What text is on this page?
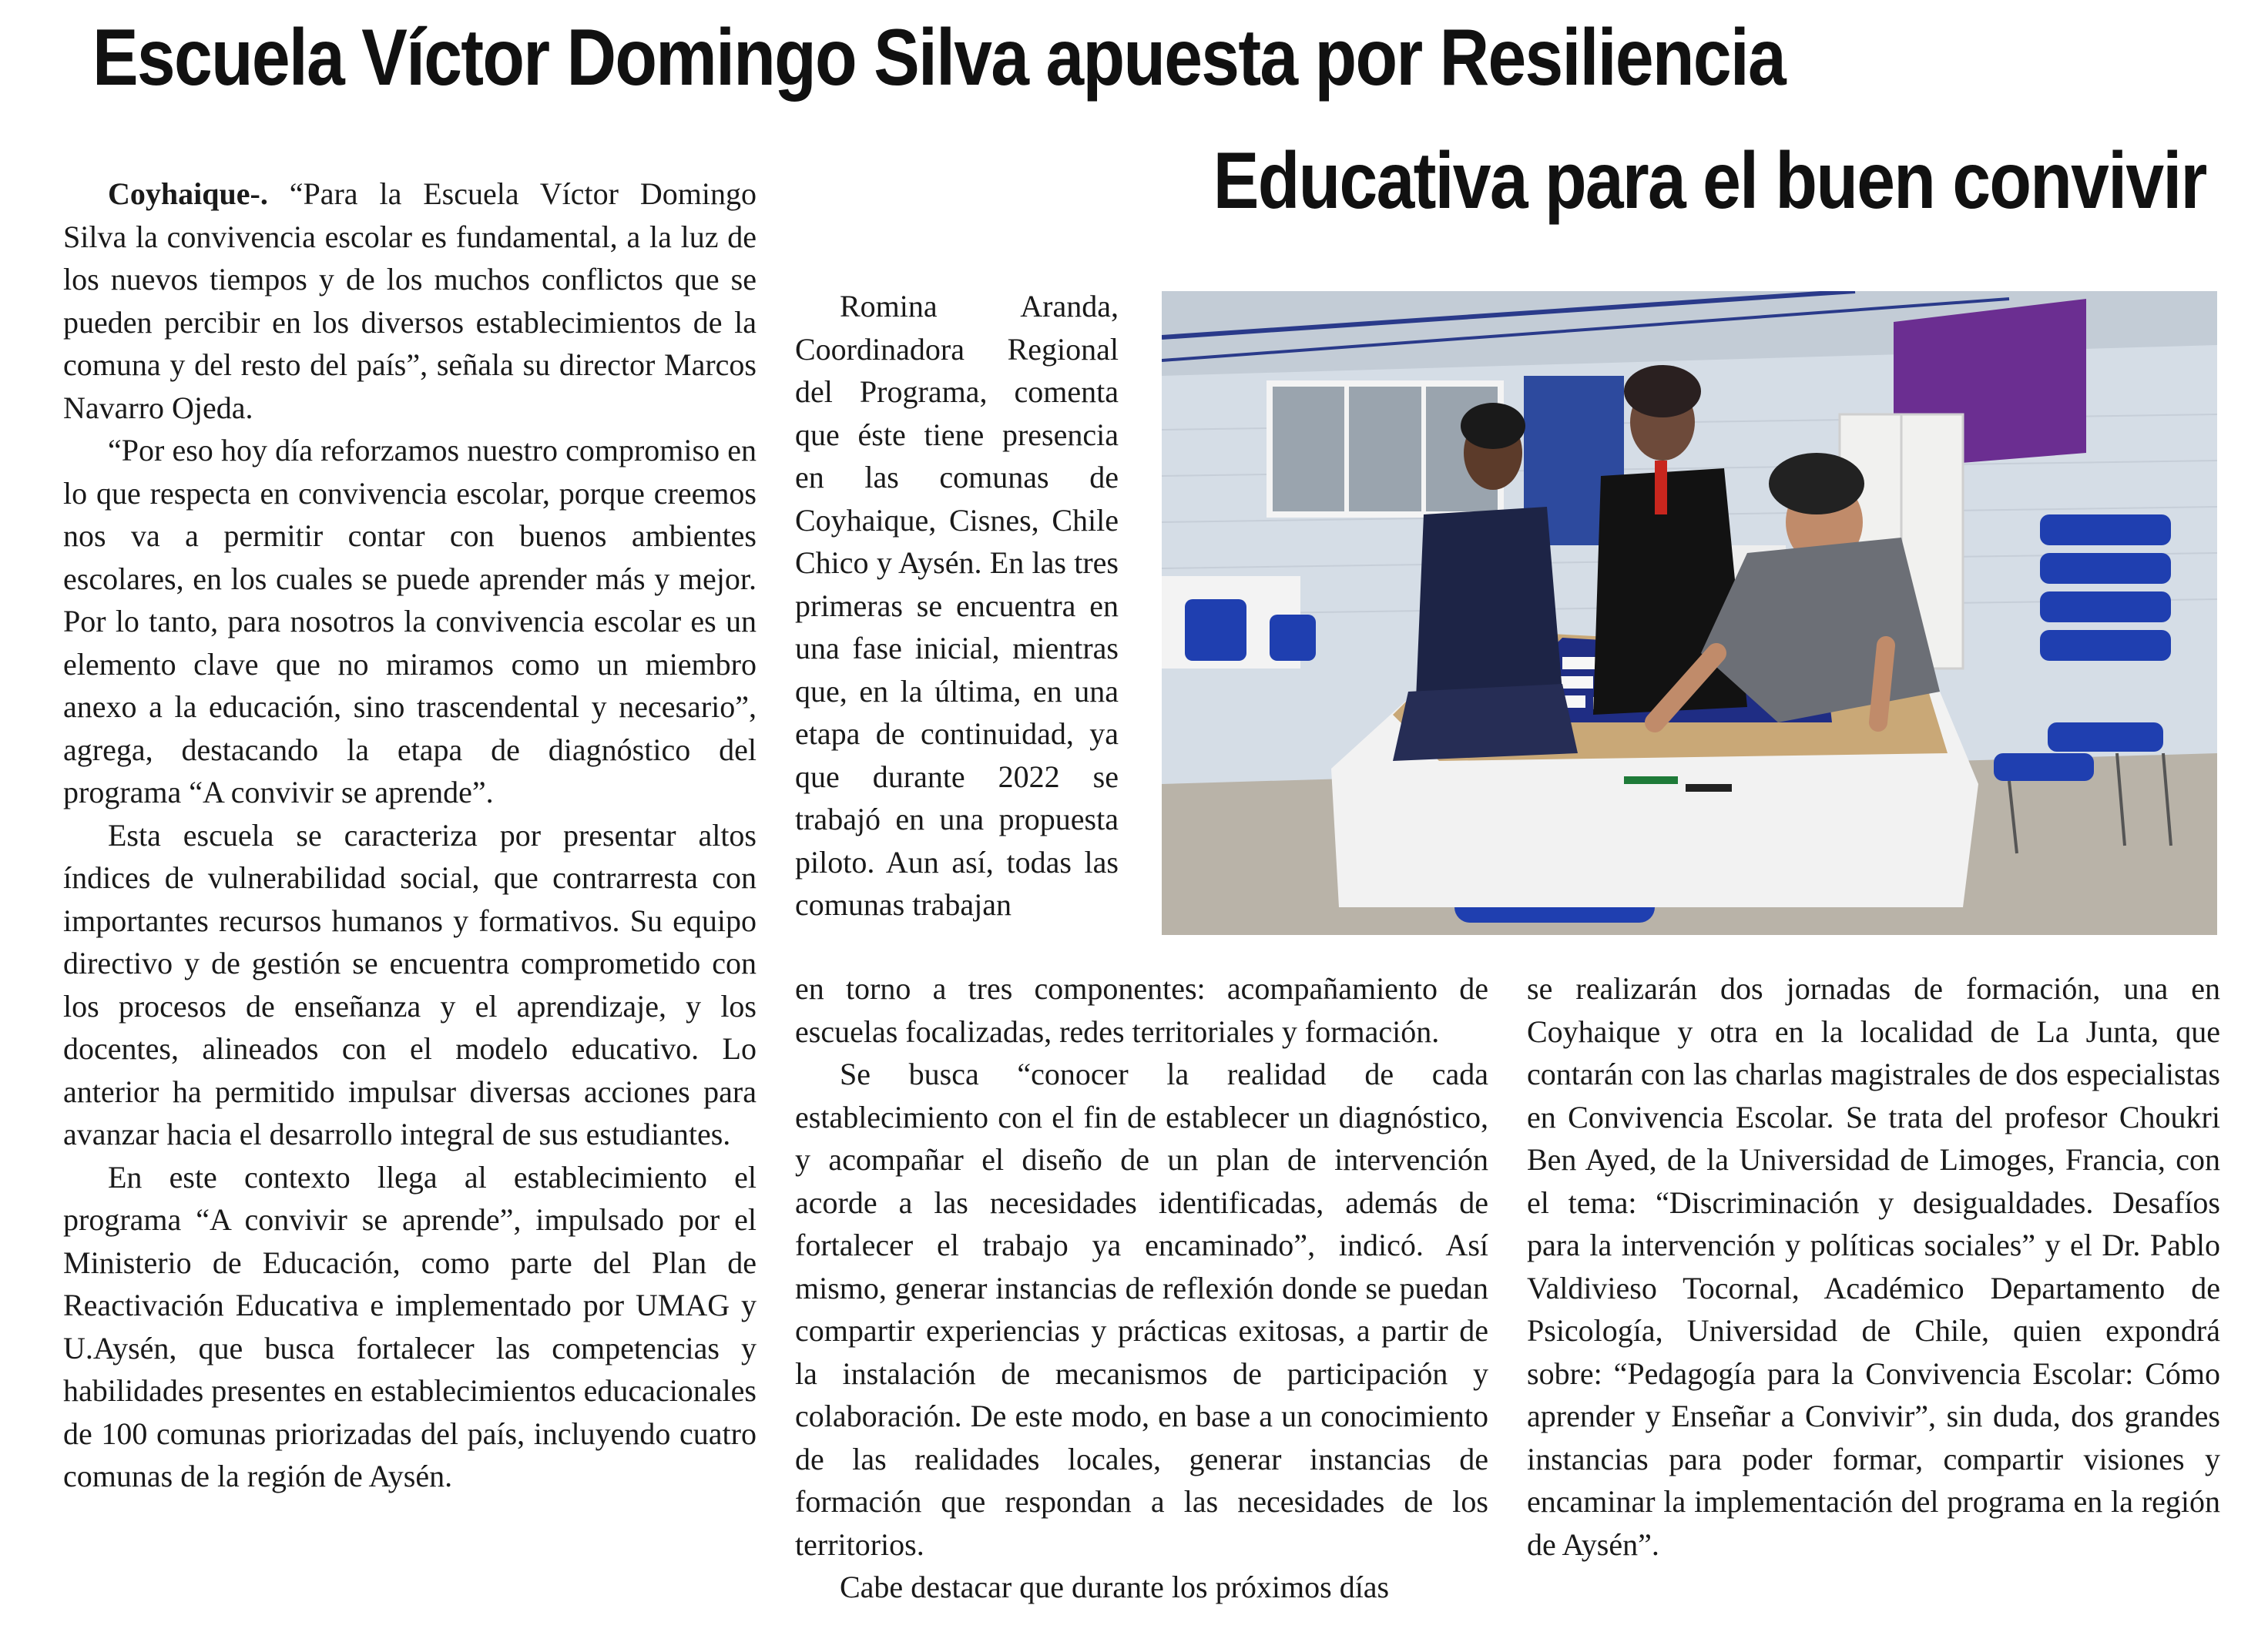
Escuela Víctor Domingo Silva apuesta por Resiliencia
Educativa para el buen convivir

Coyhaique-. “Para la Escuela Víctor Domingo Silva la convivencia escolar es fundamental, a la luz de los nuevos tiempos y de los muchos conflictos que se pueden percibir en los diversos establecimientos de la comuna y del resto del país”, señala su director Marcos Navarro Ojeda.

“Por eso hoy día reforzamos nuestro compromiso en lo que respecta en convivencia escolar, porque creemos nos va a permitir contar con buenos ambientes escolares, en los cuales se puede aprender más y mejor. Por lo tanto, para nosotros la convivencia escolar es un elemento clave que no miramos como un miembro anexo a la educación, sino trascendental y necesario”, agrega, destacando la etapa de diagnóstico del programa “A convivir se aprende”.

Esta escuela se caracteriza por presentar altos índices de vulnerabilidad social, que contrarresta con importantes recursos humanos y formativos. Su equipo directivo y de gestión se encuentra comprometido con los procesos de enseñanza y el aprendizaje, y los docentes, alineados con el modelo educativo. Lo anterior ha permitido impulsar diversas acciones para avanzar hacia el desarrollo integral de sus estudiantes.

En este contexto llega al establecimiento el programa “A convivir se aprende”, impulsado por el Ministerio de Educación, como parte del Plan de Reactivación Educativa e implementado por UMAG y U.Aysén, que busca fortalecer las competencias y habilidades presentes en establecimientos educacionales de 100 comunas priorizadas del país, incluyendo cuatro comunas de la región de Aysén.

Romina Aranda, Coordinadora Regional del Programa, comenta que éste tiene presencia en las comunas de Coyhaique, Cisnes, Chile Chico y Aysén. En las tres primeras se encuentra en una fase inicial, mientras que, en la última, en una etapa de continuidad, ya que durante 2022 se trabajó en una propuesta piloto. Aun así, todas las comunas trabajan

en torno a tres componentes: acompañamiento de escuelas focalizadas, redes territoriales y formación.

Se busca “conocer la realidad de cada establecimiento con el fin de establecer un diagnóstico, y acompañar el diseño de un plan de intervención acorde a las necesidades identificadas, además de fortalecer el trabajo ya encaminado”, indicó. Así mismo, generar instancias de reflexión donde se puedan compartir experiencias y prácticas exitosas, a partir de la instalación de mecanismos de participación y colaboración. De este modo, en base a un conocimiento de las realidades locales, generar instancias de formación que respondan a las necesidades de los territorios.

Cabe destacar que durante los próximos días

se realizarán dos jornadas de formación, una en Coyhaique y otra en la localidad de La Junta, que contarán con las charlas magistrales de dos especialistas en Convivencia Escolar. Se trata del profesor Choukri Ben Ayed, de la Universidad de Limoges, Francia, con el tema: “Discriminación y desigualdades. Desafíos para la intervención y políticas sociales” y el Dr. Pablo Valdivieso Tocornal, Académico Departamento de Psicología, Universidad de Chile, quien expondrá sobre: “Pedagogía para la Convivencia Escolar: Cómo aprender y Enseñar a Convivir”, sin duda, dos grandes instancias para poder formar, compartir visiones y encaminar la implementación del programa en la región de Aysén”.
